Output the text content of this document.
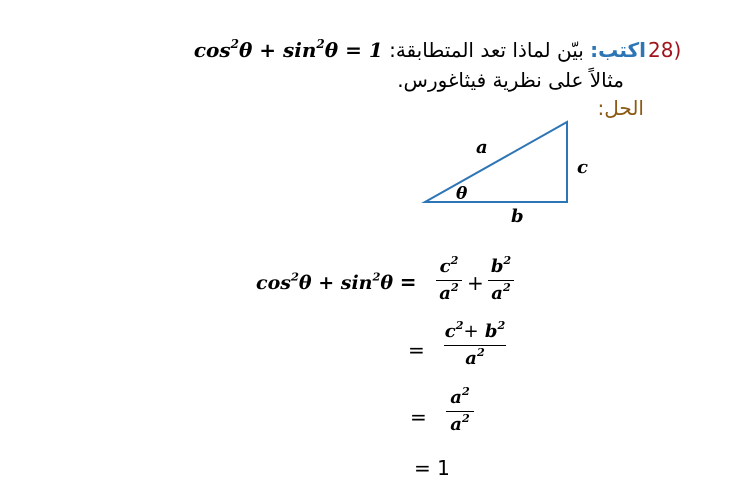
$\cos^2\theta + \sin^2\theta = 1$	اكتب: بيّن لماذا تعد المتطابقة:	28)
مثالاً على نظرية فيثاغورس.
الحل:
a
c
b
θ
$\cos^2\theta + \sin^2\theta$ =
$c^2$
$a^2$ +
$b^2$
$a^2$
=
$c^2+ b^2$
$a^2$
=
$a^2$
$a^2$
= 1
